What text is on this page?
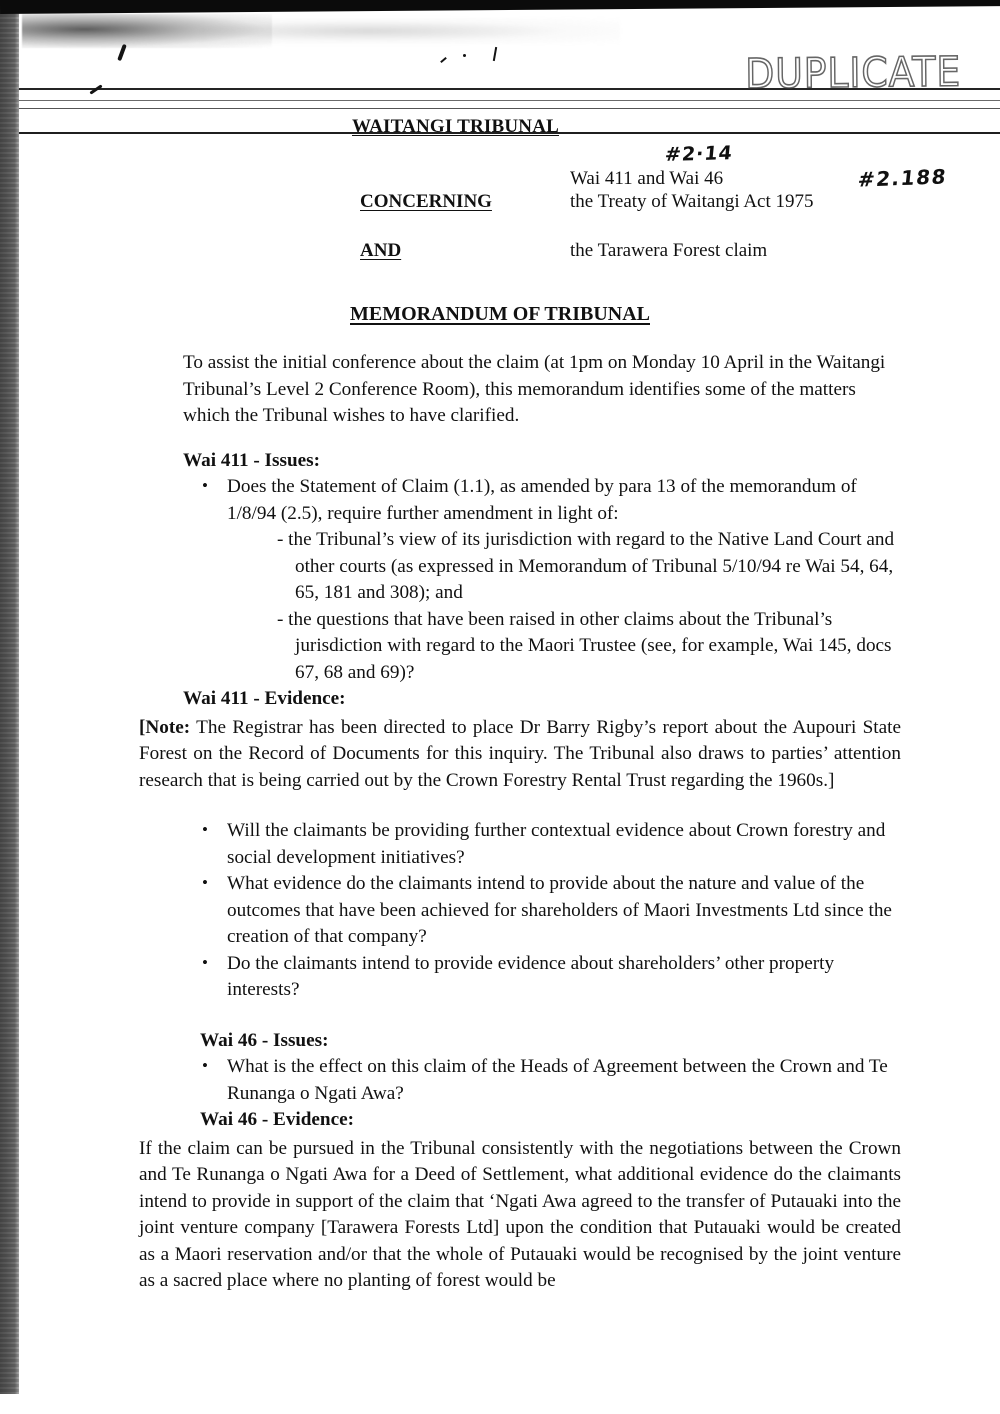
DUPLICATE
WAITANGI TRIBUNAL
#2·14
Wai 411 and Wai 46	#2.188
CONCERNING	the Treaty of Waitangi Act 1975
AND	the Tarawera Forest claim
MEMORANDUM OF TRIBUNAL

To assist the initial conference about the claim (at 1pm on Monday 10 April in the Waitangi Tribunal’s Level 2 Conference Room), this memorandum identifies some of the matters which the Tribunal wishes to have clarified.

Wai 411 - Issues:
• Does the Statement of Claim (1.1), as amended by para 13 of the memorandum of 1/8/94 (2.5), require further amendment in light of:
- the Tribunal’s view of its jurisdiction with regard to the Native Land Court and other courts (as expressed in Memorandum of Tribunal 5/10/94 re Wai 54, 64, 65, 181 and 308); and
- the questions that have been raised in other claims about the Tribunal’s jurisdiction with regard to the Maori Trustee (see, for example, Wai 145, docs 67, 68 and 69)?
Wai 411 - Evidence:

[Note: The Registrar has been directed to place Dr Barry Rigby’s report about the Aupouri State Forest on the Record of Documents for this inquiry. The Tribunal also draws to parties’ attention research that is being carried out by the Crown Forestry Rental Trust regarding the 1960s.]

• Will the claimants be providing further contextual evidence about Crown forestry and social development initiatives?
• What evidence do the claimants intend to provide about the nature and value of the outcomes that have been achieved for shareholders of Maori Investments Ltd since the creation of that company?
• Do the claimants intend to provide evidence about shareholders’ other property interests?
Wai 46 - Issues:
• What is the effect on this claim of the Heads of Agreement between the Crown and Te Runanga o Ngati Awa?
Wai 46 - Evidence:

If the claim can be pursued in the Tribunal consistently with the negotiations between the Crown and Te Runanga o Ngati Awa for a Deed of Settlement, what additional evidence do the claimants intend to provide in support of the claim that ‘Ngati Awa agreed to the transfer of Putauaki into the joint venture company [Tarawera Forests Ltd] upon the condition that Putauaki would be created as a Maori reservation and/or that the whole of Putauaki would be recognised by the joint venture as a sacred place where no planting of forest would be
